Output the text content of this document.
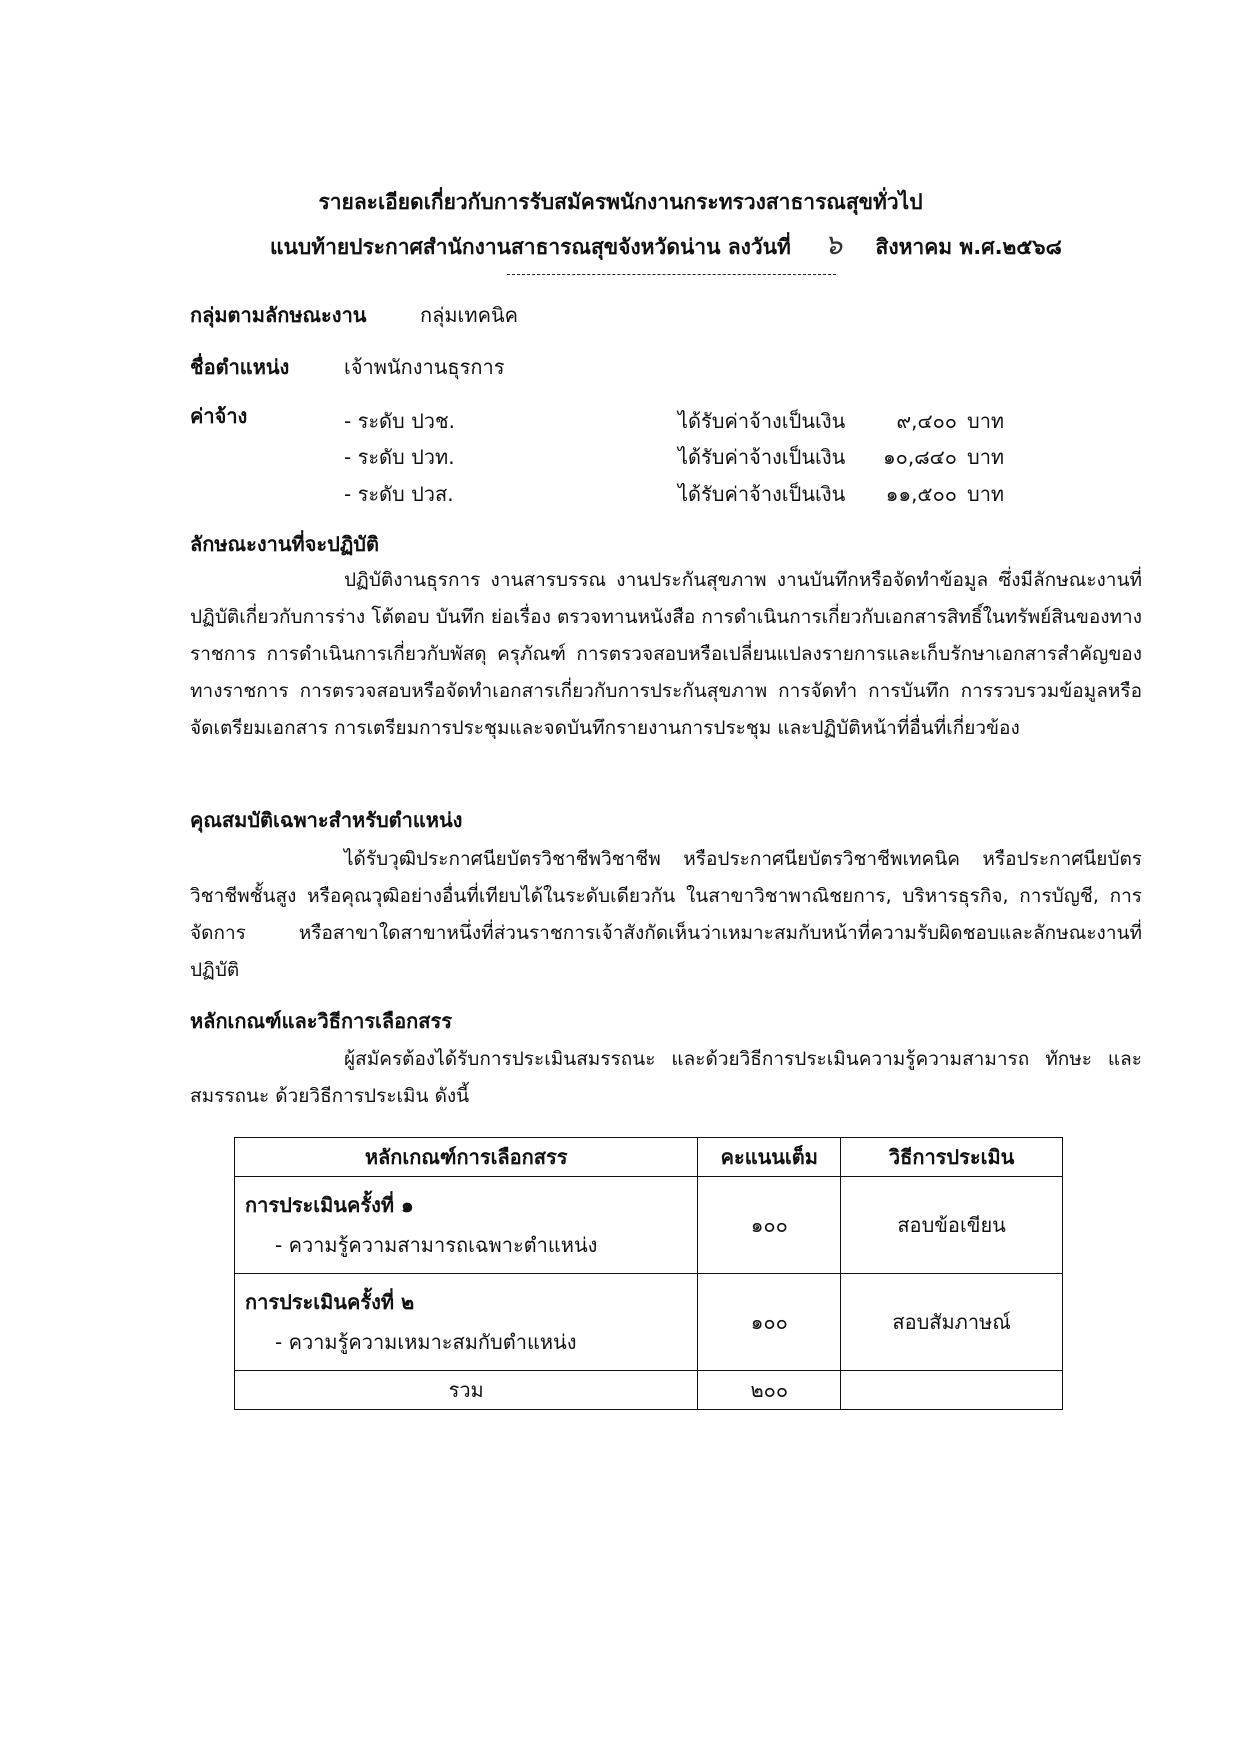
รายละเอียดเกี่ยวกับการรับสมัครพนักงานกระทรวงสาธารณสุขทั่วไป
แนบท้ายประกาศสำนักงานสาธารณสุขจังหวัดน่าน ลงวันที่ ๖ สิงหาคม พ.ศ.๒๕๖๘
กลุ่มตามลักษณะงาน	กลุ่มเทคนิค
ชื่อตำแหน่ง	เจ้าพนักงานธุรการ
ค่าจ้าง	- ระดับ ปวช.	ได้รับค่าจ้างเป็นเงิน	๙,๔๐๐ บาท
- ระดับ ปวท.	ได้รับค่าจ้างเป็นเงิน	๑๐,๘๔๐ บาท
- ระดับ ปวส.	ได้รับค่าจ้างเป็นเงิน	๑๑,๕๐๐ บาท
ลักษณะงานที่จะปฏิบัติ

ปฏิบัติงานธุรการ งานสารบรรณ งานประกันสุขภาพ งานบันทึกหรือจัดทำข้อมูล ซึ่งมีลักษณะงานที่ปฏิบัติเกี่ยวกับการร่าง โต้ตอบ บันทึก ย่อเรื่อง ตรวจทานหนังสือ การดำเนินการเกี่ยวกับเอกสารสิทธิ์ในทรัพย์สินของทางราชการ การดำเนินการเกี่ยวกับพัสดุ ครุภัณฑ์ การตรวจสอบหรือเปลี่ยนแปลงรายการและเก็บรักษาเอกสารสำคัญของทางราชการ การตรวจสอบหรือจัดทำเอกสารเกี่ยวกับการประกันสุขภาพ การจัดทำ การบันทึก การรวบรวมข้อมูลหรือจัดเตรียมเอกสาร การเตรียมการประชุมและจดบันทึกรายงานการประชุม และปฏิบัติหน้าที่อื่นที่เกี่ยวข้อง

คุณสมบัติเฉพาะสำหรับตำแหน่ง

ได้รับวุฒิประกาศนียบัตรวิชาชีพวิชาชีพ หรือประกาศนียบัตรวิชาชีพเทคนิค หรือประกาศนียบัตรวิชาชีพชั้นสูง หรือคุณวุฒิอย่างอื่นที่เทียบได้ในระดับเดียวกัน ในสาขาวิชาพาณิชยการ, บริหารธุรกิจ, การบัญชี, การจัดการ หรือสาขาใดสาขาหนึ่งที่ส่วนราชการเจ้าสังกัดเห็นว่าเหมาะสมกับหน้าที่ความรับผิดชอบและลักษณะงานที่ปฏิบัติ

หลักเกณฑ์และวิธีการเลือกสรร

ผู้สมัครต้องได้รับการประเมินสมรรถนะ และด้วยวิธีการประเมินความรู้ความสามารถ ทักษะ และสมรรถนะ ด้วยวิธีการประเมิน ดังนี้

หลักเกณฑ์การเลือกสรร	คะแนนเต็ม	วิธีการประเมิน

การประเมินครั้งที่ ๑
- ความรู้ความสามารถเฉพาะตำแหน่ง	๑๐๐	สอบข้อเขียน

การประเมินครั้งที่ ๒
- ความรู้ความเหมาะสมกับตำแหน่ง	๑๐๐	สอบสัมภาษณ์
รวม	๒๐๐	
